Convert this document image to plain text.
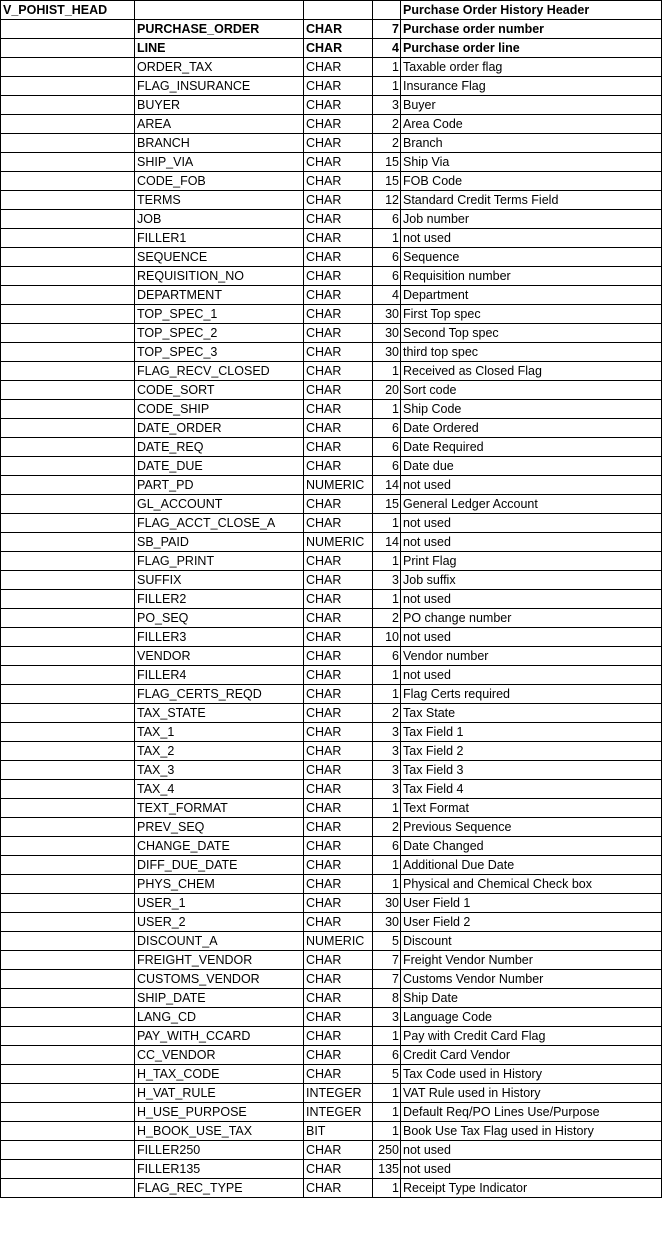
V_POHIST_HEAD				Purchase Order History Header
	PURCHASE_ORDER	CHAR	7	Purchase order number
	LINE	CHAR	4	Purchase order line
	ORDER_TAX	CHAR	1	Taxable order flag
	FLAG_INSURANCE	CHAR	1	Insurance Flag
	BUYER	CHAR	3	Buyer
	AREA	CHAR	2	Area Code
	BRANCH	CHAR	2	Branch
	SHIP_VIA	CHAR	15	Ship Via
	CODE_FOB	CHAR	15	FOB Code
	TERMS	CHAR	12	Standard Credit Terms Field
	JOB	CHAR	6	Job number
	FILLER1	CHAR	1	not used
	SEQUENCE	CHAR	6	Sequence
	REQUISITION_NO	CHAR	6	Requisition number
	DEPARTMENT	CHAR	4	Department
	TOP_SPEC_1	CHAR	30	First Top spec
	TOP_SPEC_2	CHAR	30	Second Top spec
	TOP_SPEC_3	CHAR	30	third top spec
	FLAG_RECV_CLOSED	CHAR	1	Received as Closed Flag
	CODE_SORT	CHAR	20	Sort code
	CODE_SHIP	CHAR	1	Ship Code
	DATE_ORDER	CHAR	6	Date Ordered
	DATE_REQ	CHAR	6	Date Required
	DATE_DUE	CHAR	6	Date due
	PART_PD	NUMERIC	14	not used
	GL_ACCOUNT	CHAR	15	General Ledger Account
	FLAG_ACCT_CLOSE_A	CHAR	1	not used
	SB_PAID	NUMERIC	14	not used
	FLAG_PRINT	CHAR	1	Print Flag
	SUFFIX	CHAR	3	Job suffix
	FILLER2	CHAR	1	not used
	PO_SEQ	CHAR	2	PO change number
	FILLER3	CHAR	10	not used
	VENDOR	CHAR	6	Vendor number
	FILLER4	CHAR	1	not used
	FLAG_CERTS_REQD	CHAR	1	Flag Certs required
	TAX_STATE	CHAR	2	Tax State
	TAX_1	CHAR	3	Tax Field 1
	TAX_2	CHAR	3	Tax Field 2
	TAX_3	CHAR	3	Tax Field 3
	TAX_4	CHAR	3	Tax Field 4
	TEXT_FORMAT	CHAR	1	Text Format
	PREV_SEQ	CHAR	2	Previous Sequence
	CHANGE_DATE	CHAR	6	Date Changed
	DIFF_DUE_DATE	CHAR	1	Additional Due Date
	PHYS_CHEM	CHAR	1	Physical and Chemical Check box
	USER_1	CHAR	30	User Field 1
	USER_2	CHAR	30	User Field 2
	DISCOUNT_A	NUMERIC	5	Discount
	FREIGHT_VENDOR	CHAR	7	Freight Vendor Number
	CUSTOMS_VENDOR	CHAR	7	Customs Vendor Number
	SHIP_DATE	CHAR	8	Ship Date
	LANG_CD	CHAR	3	Language Code
	PAY_WITH_CCARD	CHAR	1	Pay with Credit Card Flag
	CC_VENDOR	CHAR	6	Credit Card Vendor
	H_TAX_CODE	CHAR	5	Tax Code used in History
	H_VAT_RULE	INTEGER	1	VAT Rule used in History
	H_USE_PURPOSE	INTEGER	1	Default Req/PO Lines Use/Purpose
	H_BOOK_USE_TAX	BIT	1	Book Use Tax Flag used in History
	FILLER250	CHAR	250	not used
	FILLER135	CHAR	135	not used
	FLAG_REC_TYPE	CHAR	1	Receipt Type Indicator
